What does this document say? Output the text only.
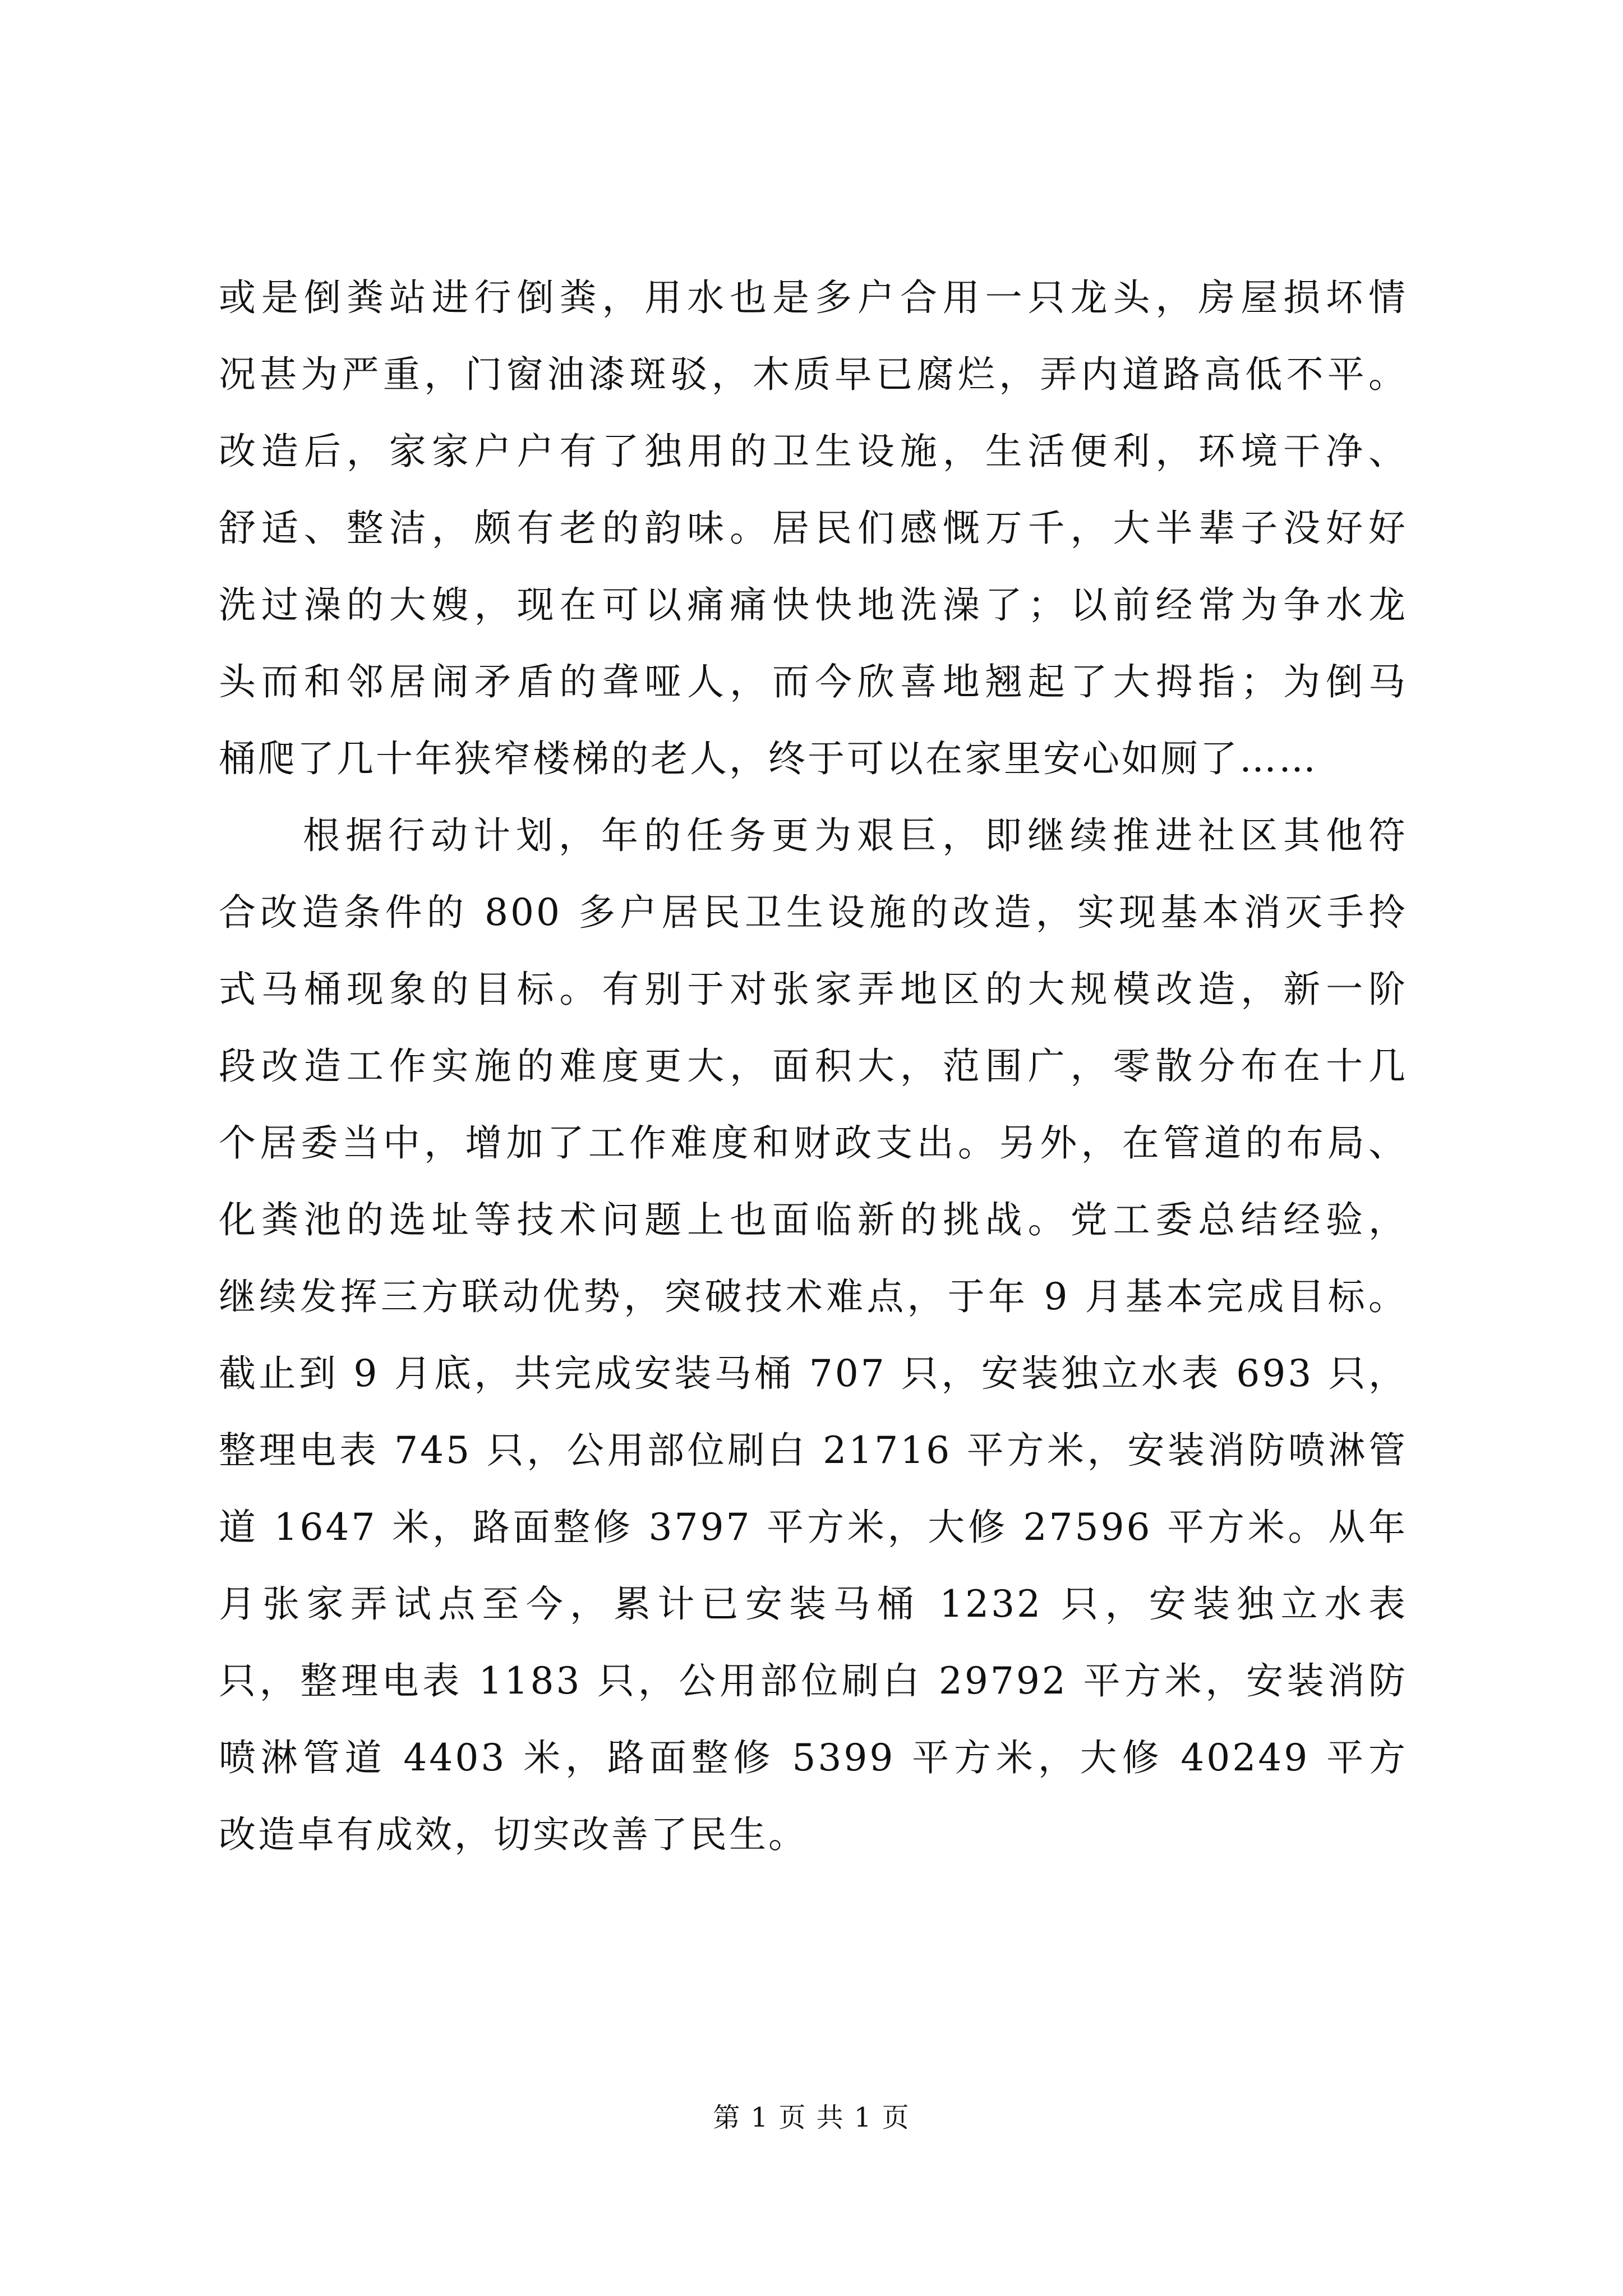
或是倒粪站进行倒粪，用水也是多户合用一只龙头，房屋损坏情
况甚为严重，门窗油漆斑驳，木质早已腐烂，弄内道路高低不平。
改造后，家家户户有了独用的卫生设施，生活便利，环境干净、
舒适、整洁，颇有老的韵味。居民们感慨万千，大半辈子没好好
洗过澡的大嫂，现在可以痛痛快快地洗澡了；以前经常为争水龙
头而和邻居闹矛盾的聋哑人，而今欣喜地翘起了大拇指；为倒马
桶爬了几十年狭窄楼梯的老人，终于可以在家里安心如厕了……
根据行动计划，年的任务更为艰巨，即继续推进社区其他符
合改造条件的 800 多户居民卫生设施的改造，实现基本消灭手拎
式马桶现象的目标。有别于对张家弄地区的大规模改造，新一阶
段改造工作实施的难度更大，面积大，范围广，零散分布在十几
个居委当中，增加了工作难度和财政支出。另外，在管道的布局、
化粪池的选址等技术问题上也面临新的挑战。党工委总结经验，
继续发挥三方联动优势，突破技术难点，于年 9 月基本完成目标。
截止到 9 月底，共完成安装马桶 707 只，安装独立水表 693 只，
整理电表 745 只，公用部位刷白 21716 平方米，安装消防喷淋管
道 1647 米，路面整修 3797 平方米，大修 27596 平方米。从年
月张家弄试点至今，累计已安装马桶 1232 只，安装独立水表
只，整理电表 1183 只，公用部位刷白 29792 平方米，安装消防
喷淋管道 4403 米，路面整修 5399 平方米，大修 40249 平方
改造卓有成效，切实改善了民生。
第 1 页 共 1 页
